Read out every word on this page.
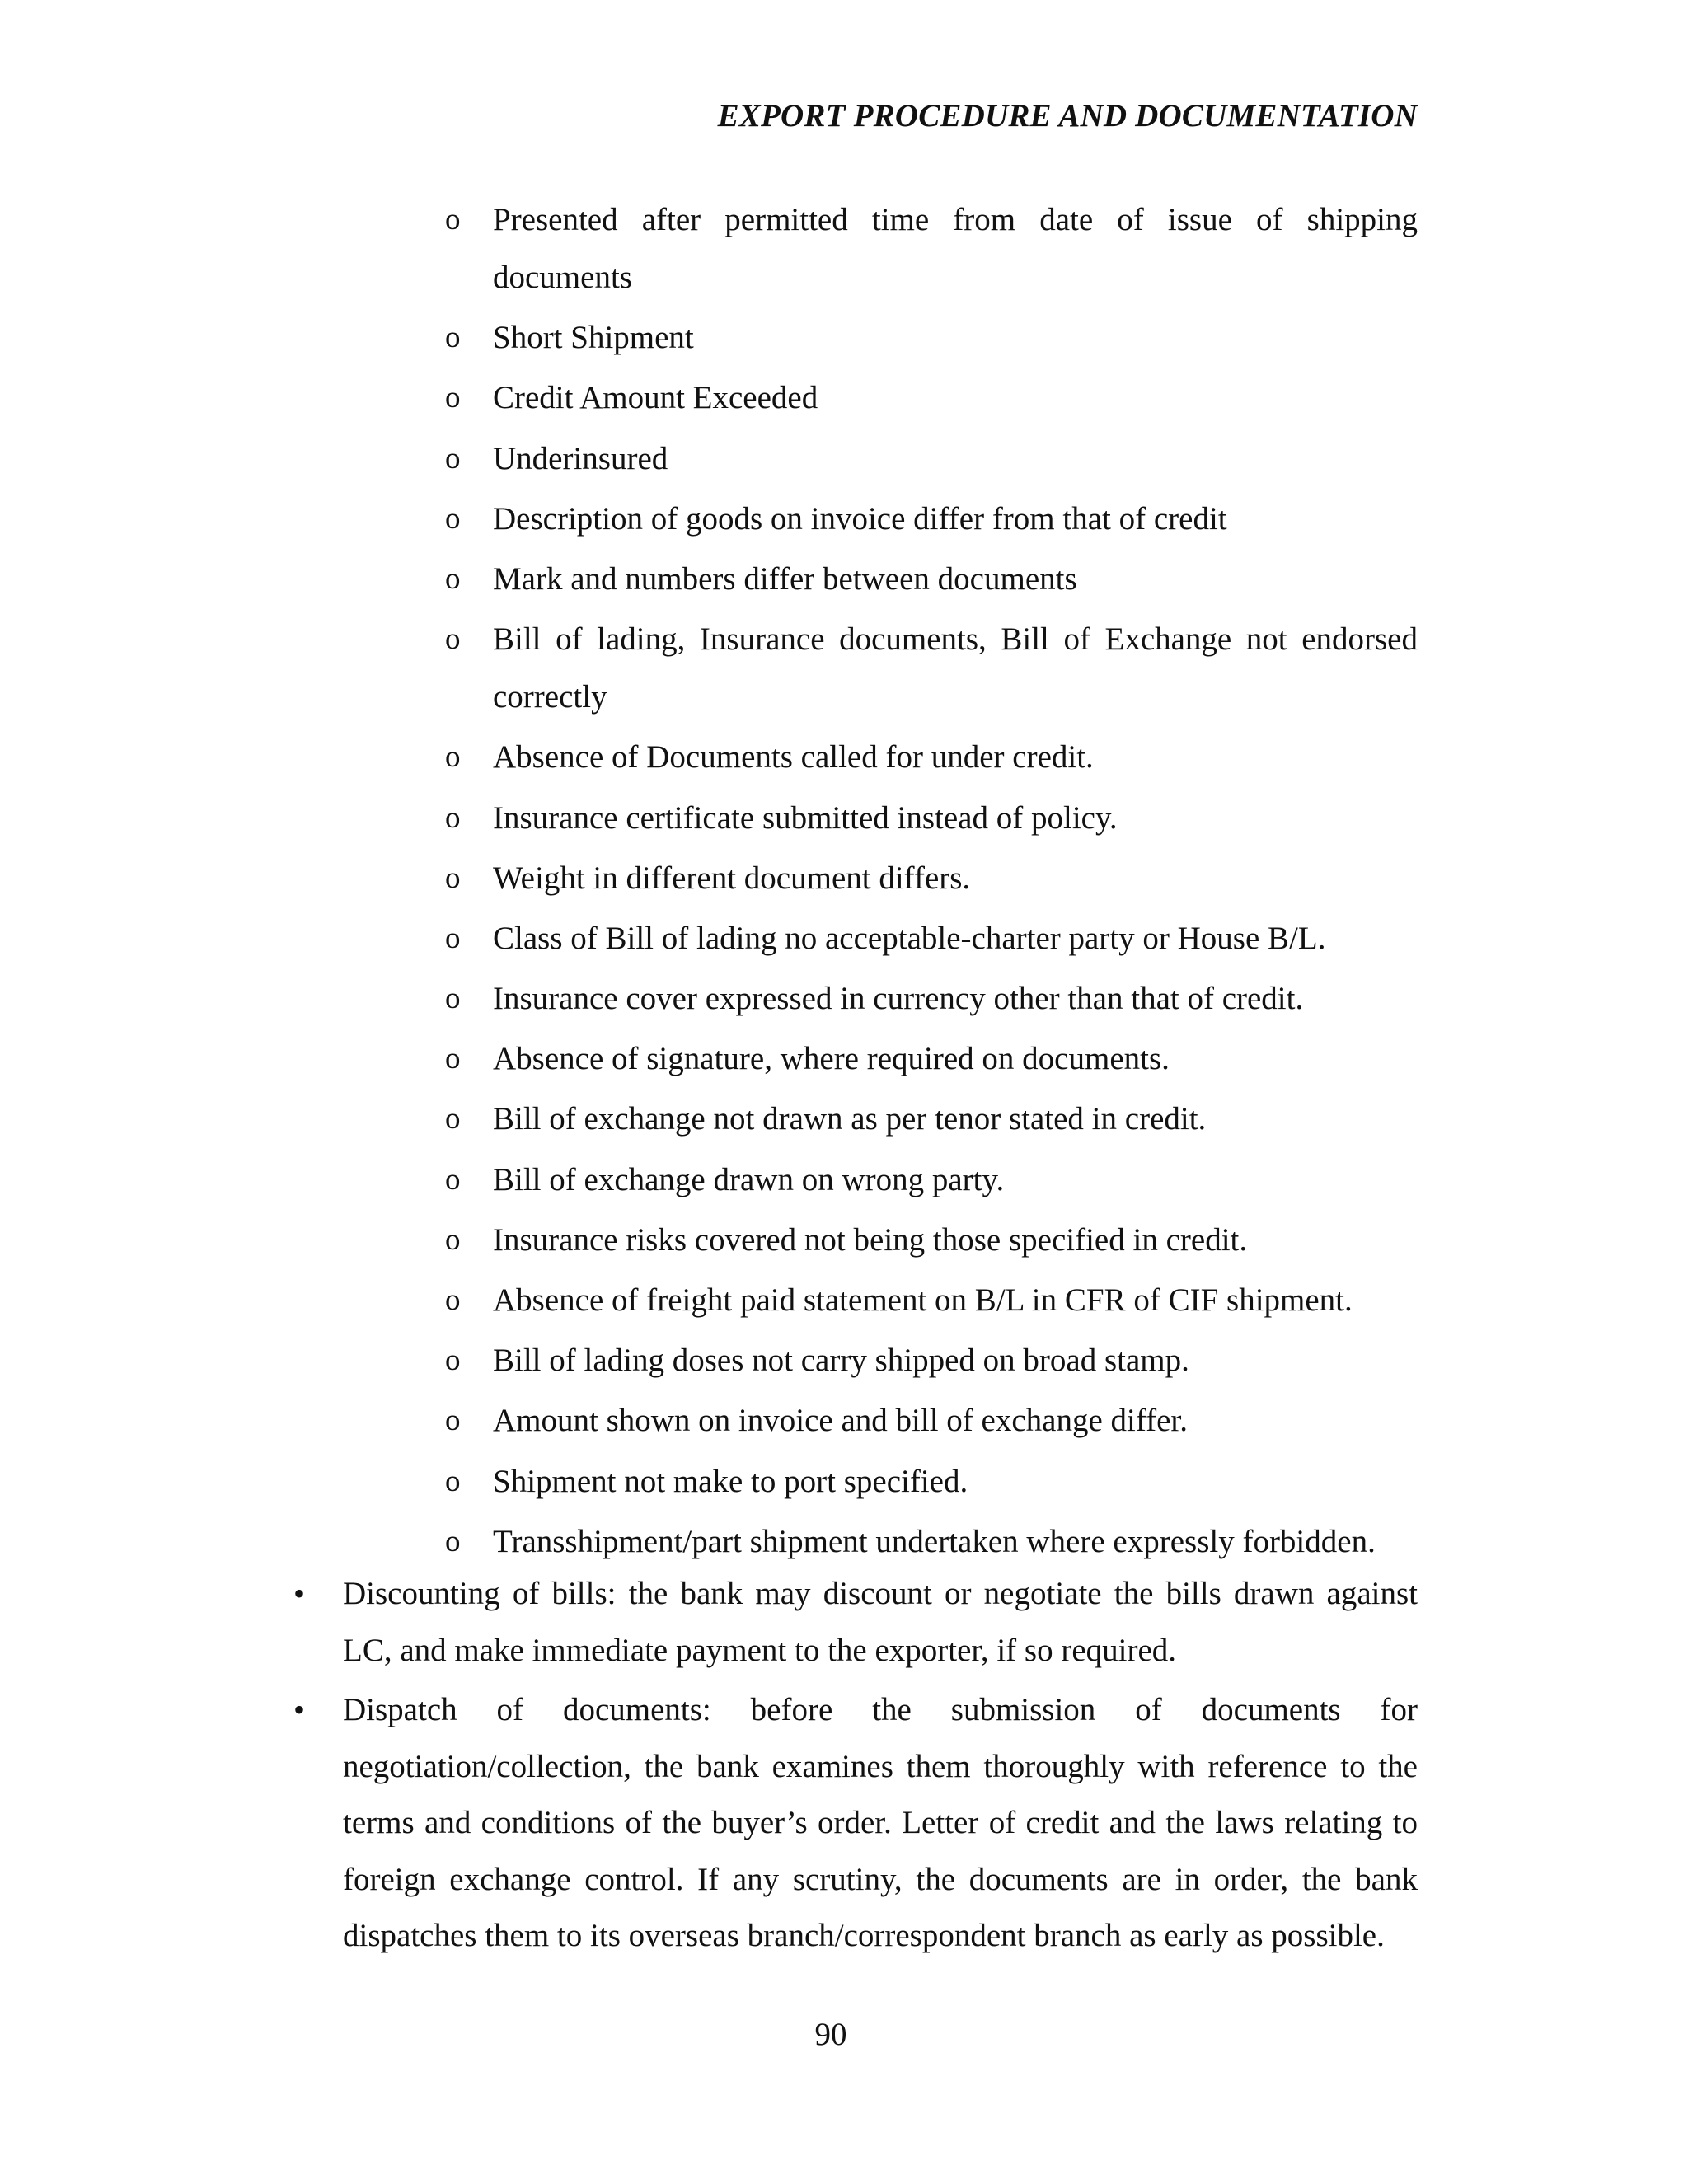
EXPORT PROCEDURE AND DOCUMENTATION
o Presented after permitted time from date of issue of shipping documents
o Short Shipment
o Credit Amount Exceeded
o Underinsured
o Description of goods on invoice differ from that of credit
o Mark and numbers differ between documents
o Bill of lading, Insurance documents, Bill of Exchange not endorsed correctly
o Absence of Documents called for under credit.
o Insurance certificate submitted instead of policy.
o Weight in different document differs.
o Class of Bill of lading no acceptable-charter party or House B/L.
o Insurance cover expressed in currency other than that of credit.
o Absence of signature, where required on documents.
o Bill of exchange not drawn as per tenor stated in credit.
o Bill of exchange drawn on wrong party.
o Insurance risks covered not being those specified in credit.
o Absence of freight paid statement on B/L in CFR of CIF shipment.
o Bill of lading doses not carry shipped on broad stamp.
o Amount shown on invoice and bill of exchange differ.
o Shipment not make to port specified.
o Transshipment/part shipment undertaken where expressly forbidden.
• Discounting of bills: the bank may discount or negotiate the bills drawn against LC, and make immediate payment to the exporter, if so required.
• Dispatch of documents: before the submission of documents for negotiation/collection, the bank examines them thoroughly with reference to the terms and conditions of the buyer’s order. Letter of credit and the laws relating to foreign exchange control. If any scrutiny, the documents are in order, the bank dispatches them to its overseas branch/correspondent branch as early as possible.
90
